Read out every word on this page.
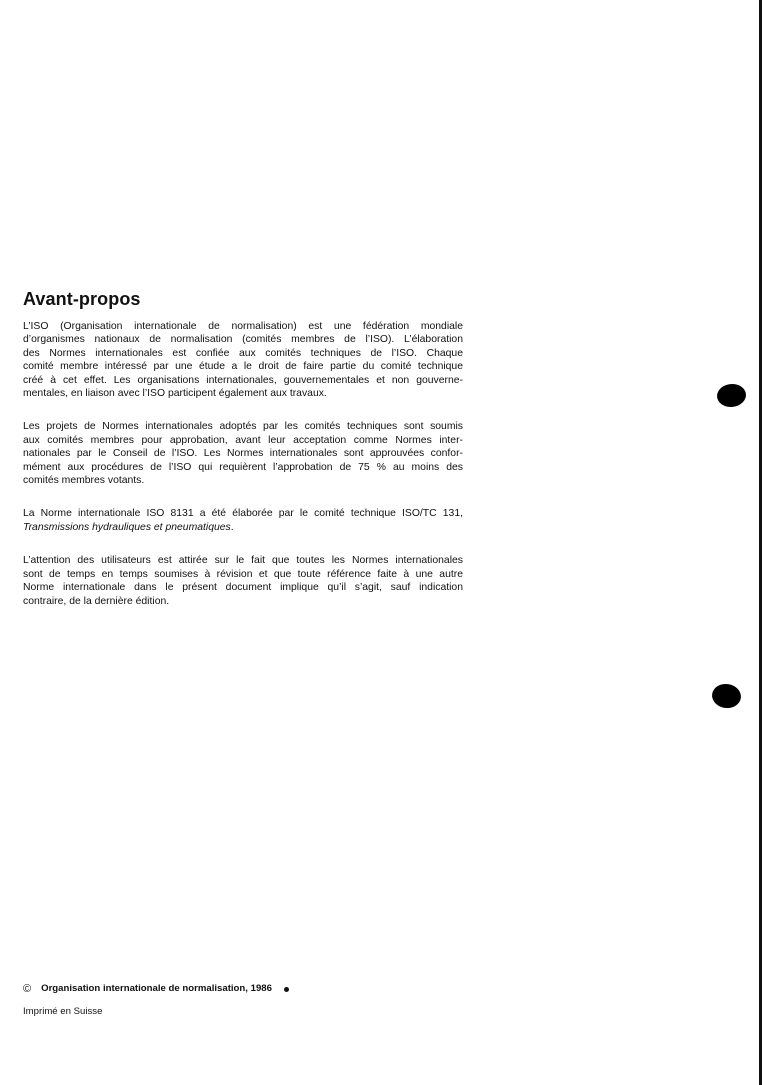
Avant-propos

L’ISO (Organisation internationale de normalisation) est une fédération mondiale
d’organismes nationaux de normalisation (comités membres de l’ISO). L’élaboration
des Normes internationales est confiée aux comités techniques de l’ISO. Chaque
comité membre intéressé par une étude a le droit de faire partie du comité technique
créé à cet effet. Les organisations internationales, gouvernementales et non gouverne-
mentales, en liaison avec l’ISO participent également aux travaux.

Les projets de Normes internationales adoptés par les comités techniques sont soumis
aux comités membres pour approbation, avant leur acceptation comme Normes inter-
nationales par le Conseil de l’ISO. Les Normes internationales sont approuvées confor-
mément aux procédures de l’ISO qui requièrent l’approbation de 75 % au moins des
comités membres votants.

La Norme internationale ISO 8131 a été élaborée par le comité technique ISO/TC 131,
Transmissions hydrauliques et pneumatiques.

L’attention des utilisateurs est attirée sur le fait que toutes les Normes internationales
sont de temps en temps soumises à révision et que toute référence faite à une autre
Norme internationale dans le présent document implique qu’il s’agit, sauf indication
contraire, de la dernière édition.

© Organisation internationale de normalisation, 1986
Imprimé en Suisse
